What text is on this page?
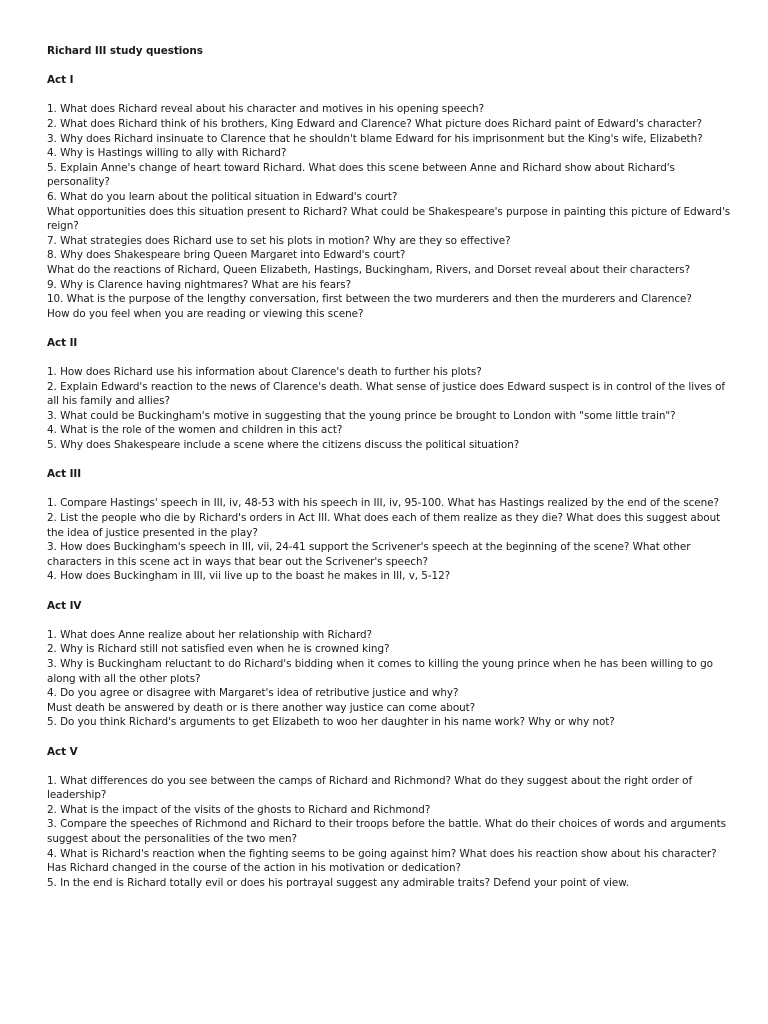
Richard III study questions
Act I
1. What does Richard reveal about his character and motives in his opening speech?
2. What does Richard think of his brothers, King Edward and Clarence? What picture does Richard paint of Edward's character?
3. Why does Richard insinuate to Clarence that he shouldn't blame Edward for his imprisonment but the King's wife, Elizabeth?
4. Why is Hastings willing to ally with Richard?
5. Explain Anne's change of heart toward Richard. What does this scene between Anne and Richard show about Richard's personality?
6. What do you learn about the political situation in Edward's court?
What opportunities does this situation present to Richard? What could be Shakespeare's purpose in painting this picture of Edward's reign?
7. What strategies does Richard use to set his plots in motion? Why are they so effective?
8. Why does Shakespeare bring Queen Margaret into Edward's court?
What do the reactions of Richard, Queen Elizabeth, Hastings, Buckingham, Rivers, and Dorset reveal about their characters?
9. Why is Clarence having nightmares? What are his fears?
10. What is the purpose of the lengthy conversation, first between the two murderers and then the murderers and Clarence?
How do you feel when you are reading or viewing this scene?
Act II
1. How does Richard use his information about Clarence's death to further his plots?
2. Explain Edward's reaction to the news of Clarence's death. What sense of justice does Edward suspect is in control of the lives of all his family and allies?
3. What could be Buckingham's motive in suggesting that the young prince be brought to London with "some little train"?
4. What is the role of the women and children in this act?
5. Why does Shakespeare include a scene where the citizens discuss the political situation?
Act III
1. Compare Hastings' speech in III, iv, 48-53 with his speech in III, iv, 95-100. What has Hastings realized by the end of the scene?
2. List the people who die by Richard's orders in Act III. What does each of them realize as they die? What does this suggest about the idea of justice presented in the play?
3. How does Buckingham's speech in III, vii, 24-41 support the Scrivener's speech at the beginning of the scene? What other characters in this scene act in ways that bear out the Scrivener's speech?
4. How does Buckingham in III, vii live up to the boast he makes in III, v, 5-12?
Act IV
1. What does Anne realize about her relationship with Richard?
2. Why is Richard still not satisfied even when he is crowned king?
3. Why is Buckingham reluctant to do Richard's bidding when it comes to killing the young prince when he has been willing to go along with all the other plots?
4. Do you agree or disagree with Margaret's idea of retributive justice and why?
Must death be answered by death or is there another way justice can come about?
5. Do you think Richard's arguments to get Elizabeth to woo her daughter in his name work? Why or why not?
Act V
1. What differences do you see between the camps of Richard and Richmond? What do they suggest about the right order of leadership?
2. What is the impact of the visits of the ghosts to Richard and Richmond?
3. Compare the speeches of Richmond and Richard to their troops before the battle. What do their choices of words and arguments suggest about the personalities of the two men?
4. What is Richard's reaction when the fighting seems to be going against him? What does his reaction show about his character? Has Richard changed in the course of the action in his motivation or dedication?
5. In the end is Richard totally evil or does his portrayal suggest any admirable traits? Defend your point of view.
